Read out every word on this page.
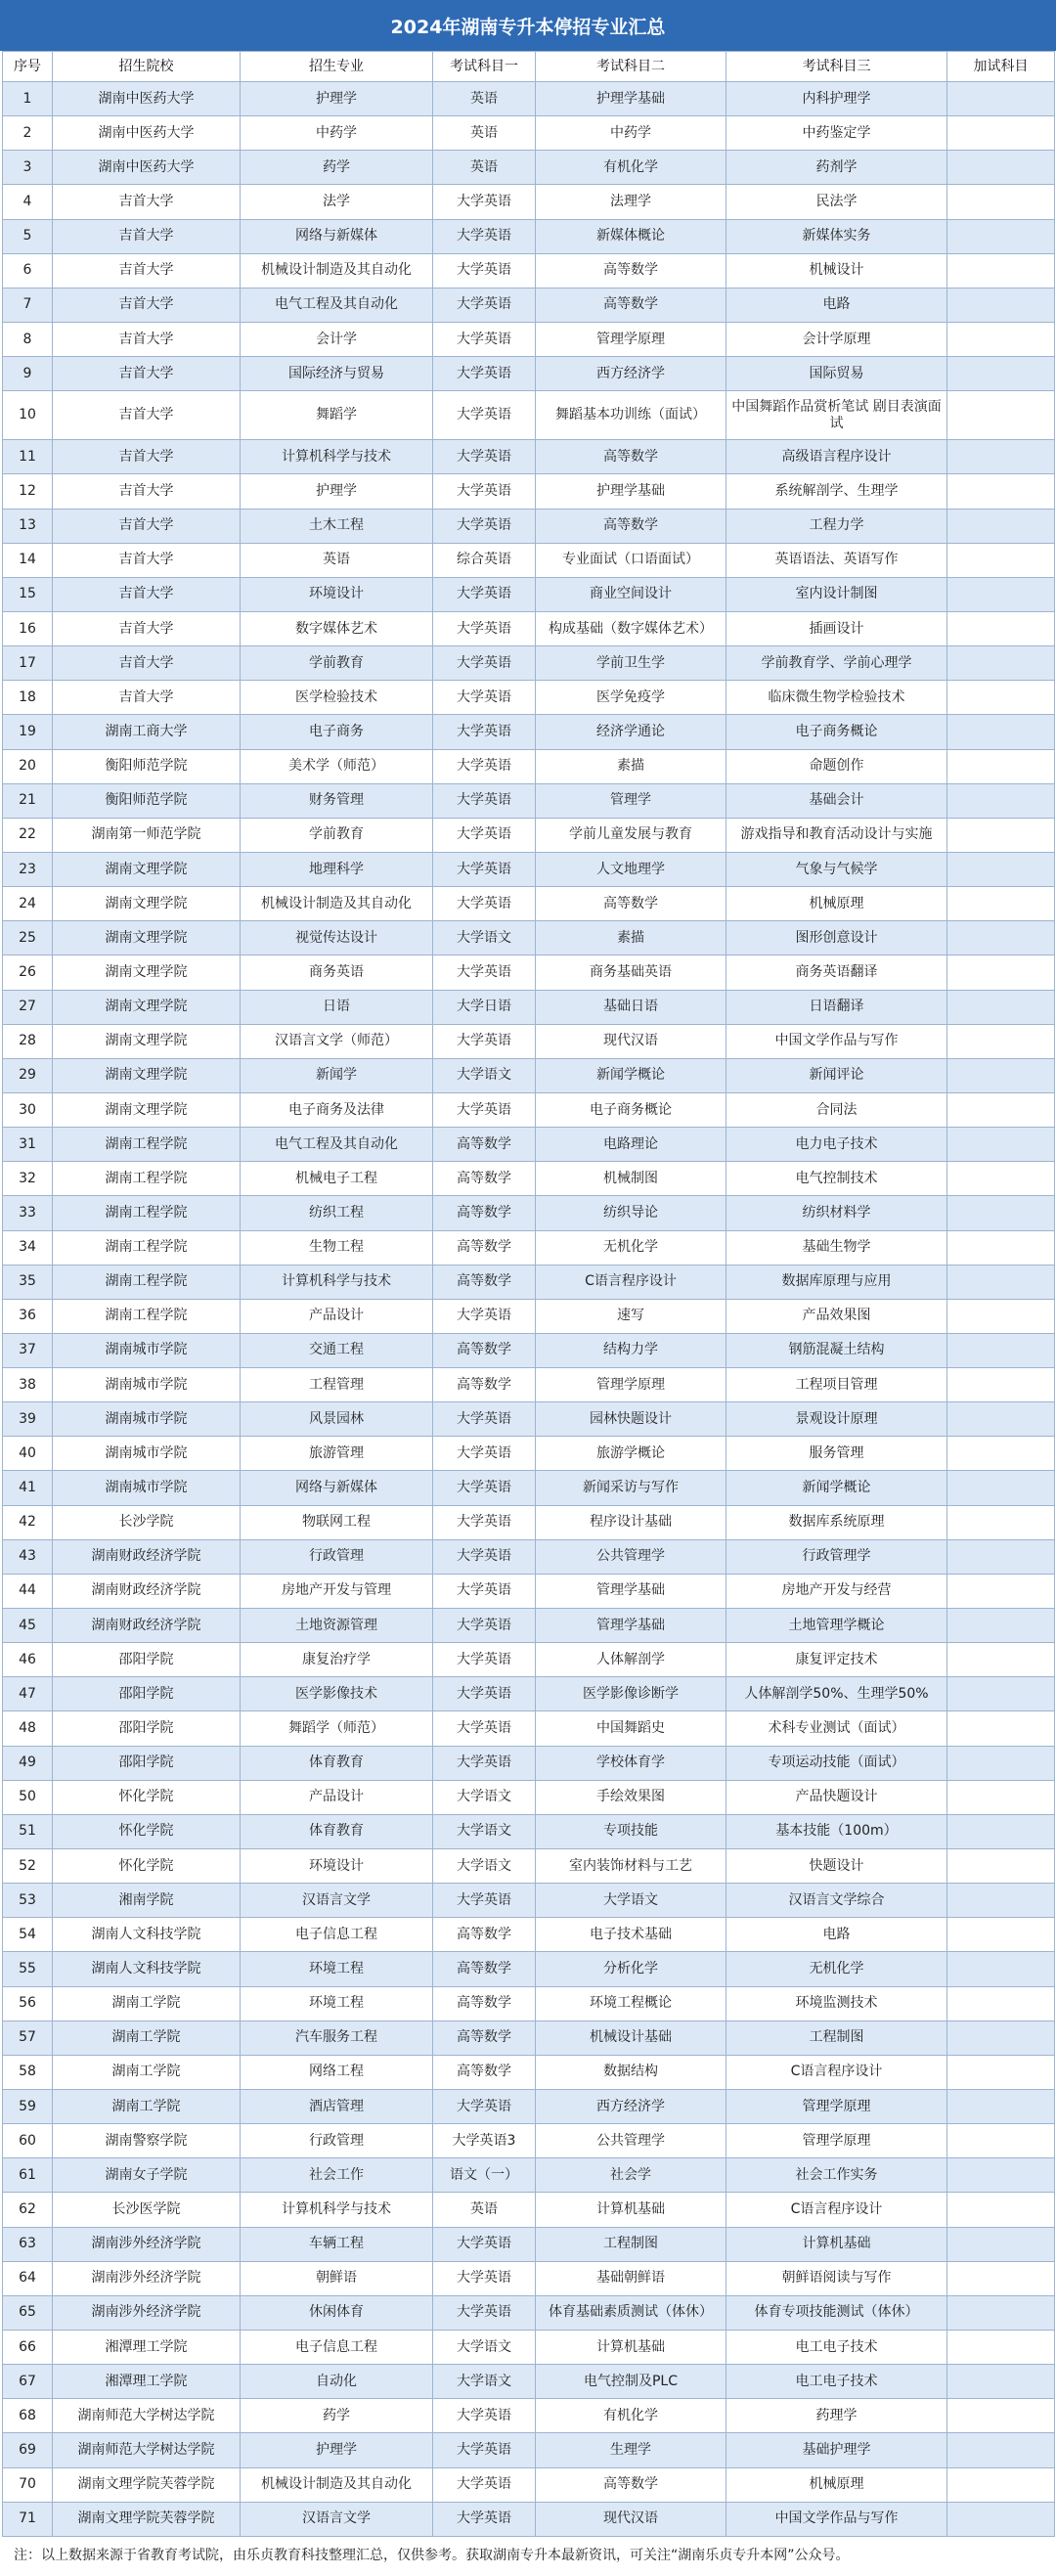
2024年湖南专升本停招专业汇总
序号	招生院校	招生专业	考试科目一	考试科目二	考试科目三	加试科目
1	湖南中医药大学	护理学	英语	护理学基础	内科护理学	
2	湖南中医药大学	中药学	英语	中药学	中药鉴定学	
3	湖南中医药大学	药学	英语	有机化学	药剂学	
4	吉首大学	法学	大学英语	法理学	民法学	
5	吉首大学	网络与新媒体	大学英语	新媒体概论	新媒体实务	
6	吉首大学	机械设计制造及其自动化	大学英语	高等数学	机械设计	
7	吉首大学	电气工程及其自动化	大学英语	高等数学	电路	
8	吉首大学	会计学	大学英语	管理学原理	会计学原理	
9	吉首大学	国际经济与贸易	大学英语	西方经济学	国际贸易	
10	吉首大学	舞蹈学	大学英语	舞蹈基本功训练（面试）	中国舞蹈作品赏析笔试 剧目表演面试	
11	吉首大学	计算机科学与技术	大学英语	高等数学	高级语言程序设计	
12	吉首大学	护理学	大学英语	护理学基础	系统解剖学、生理学	
13	吉首大学	土木工程	大学英语	高等数学	工程力学	
14	吉首大学	英语	综合英语	专业面试（口语面试）	英语语法、英语写作	
15	吉首大学	环境设计	大学英语	商业空间设计	室内设计制图	
16	吉首大学	数字媒体艺术	大学英语	构成基础（数字媒体艺术）	插画设计	
17	吉首大学	学前教育	大学英语	学前卫生学	学前教育学、学前心理学	
18	吉首大学	医学检验技术	大学英语	医学免疫学	临床微生物学检验技术	
19	湖南工商大学	电子商务	大学英语	经济学通论	电子商务概论	
20	衡阳师范学院	美术学（师范）	大学英语	素描	命题创作	
21	衡阳师范学院	财务管理	大学英语	管理学	基础会计	
22	湖南第一师范学院	学前教育	大学英语	学前儿童发展与教育	游戏指导和教育活动设计与实施	
23	湖南文理学院	地理科学	大学英语	人文地理学	气象与气候学	
24	湖南文理学院	机械设计制造及其自动化	大学英语	高等数学	机械原理	
25	湖南文理学院	视觉传达设计	大学语文	素描	图形创意设计	
26	湖南文理学院	商务英语	大学英语	商务基础英语	商务英语翻译	
27	湖南文理学院	日语	大学日语	基础日语	日语翻译	
28	湖南文理学院	汉语言文学（师范）	大学英语	现代汉语	中国文学作品与写作	
29	湖南文理学院	新闻学	大学语文	新闻学概论	新闻评论	
30	湖南文理学院	电子商务及法律	大学英语	电子商务概论	合同法	
31	湖南工程学院	电气工程及其自动化	高等数学	电路理论	电力电子技术	
32	湖南工程学院	机械电子工程	高等数学	机械制图	电气控制技术	
33	湖南工程学院	纺织工程	高等数学	纺织导论	纺织材料学	
34	湖南工程学院	生物工程	高等数学	无机化学	基础生物学	
35	湖南工程学院	计算机科学与技术	高等数学	C语言程序设计	数据库原理与应用	
36	湖南工程学院	产品设计	大学英语	速写	产品效果图	
37	湖南城市学院	交通工程	高等数学	结构力学	钢筋混凝土结构	
38	湖南城市学院	工程管理	高等数学	管理学原理	工程项目管理	
39	湖南城市学院	风景园林	大学英语	园林快题设计	景观设计原理	
40	湖南城市学院	旅游管理	大学英语	旅游学概论	服务管理	
41	湖南城市学院	网络与新媒体	大学英语	新闻采访与写作	新闻学概论	
42	长沙学院	物联网工程	大学英语	程序设计基础	数据库系统原理	
43	湖南财政经济学院	行政管理	大学英语	公共管理学	行政管理学	
44	湖南财政经济学院	房地产开发与管理	大学英语	管理学基础	房地产开发与经营	
45	湖南财政经济学院	土地资源管理	大学英语	管理学基础	土地管理学概论	
46	邵阳学院	康复治疗学	大学英语	人体解剖学	康复评定技术	
47	邵阳学院	医学影像技术	大学英语	医学影像诊断学	人体解剖学50%、生理学50%	
48	邵阳学院	舞蹈学（师范）	大学英语	中国舞蹈史	术科专业测试（面试）	
49	邵阳学院	体育教育	大学英语	学校体育学	专项运动技能（面试）	
50	怀化学院	产品设计	大学语文	手绘效果图	产品快题设计	
51	怀化学院	体育教育	大学语文	专项技能	基本技能（100m）	
52	怀化学院	环境设计	大学语文	室内装饰材料与工艺	快题设计	
53	湘南学院	汉语言文学	大学英语	大学语文	汉语言文学综合	
54	湖南人文科技学院	电子信息工程	高等数学	电子技术基础	电路	
55	湖南人文科技学院	环境工程	高等数学	分析化学	无机化学	
56	湖南工学院	环境工程	高等数学	环境工程概论	环境监测技术	
57	湖南工学院	汽车服务工程	高等数学	机械设计基础	工程制图	
58	湖南工学院	网络工程	高等数学	数据结构	C语言程序设计	
59	湖南工学院	酒店管理	大学英语	西方经济学	管理学原理	
60	湖南警察学院	行政管理	大学英语3	公共管理学	管理学原理	
61	湖南女子学院	社会工作	语文（一）	社会学	社会工作实务	
62	长沙医学院	计算机科学与技术	英语	计算机基础	C语言程序设计	
63	湖南涉外经济学院	车辆工程	大学英语	工程制图	计算机基础	
64	湖南涉外经济学院	朝鲜语	大学英语	基础朝鲜语	朝鲜语阅读与写作	
65	湖南涉外经济学院	休闲体育	大学英语	体育基础素质测试（体休）	体育专项技能测试（体休）	
66	湘潭理工学院	电子信息工程	大学语文	计算机基础	电工电子技术	
67	湘潭理工学院	自动化	大学语文	电气控制及PLC	电工电子技术	
68	湖南师范大学树达学院	药学	大学英语	有机化学	药理学	
69	湖南师范大学树达学院	护理学	大学英语	生理学	基础护理学	
70	湖南文理学院芙蓉学院	机械设计制造及其自动化	大学英语	高等数学	机械原理	
71	湖南文理学院芙蓉学院	汉语言文学	大学英语	现代汉语	中国文学作品与写作	
注：以上数据来源于省教育考试院，由乐贞教育科技整理汇总，仅供参考。获取湖南专升本最新资讯，可关注“湖南乐贞专升本网”公众号。
